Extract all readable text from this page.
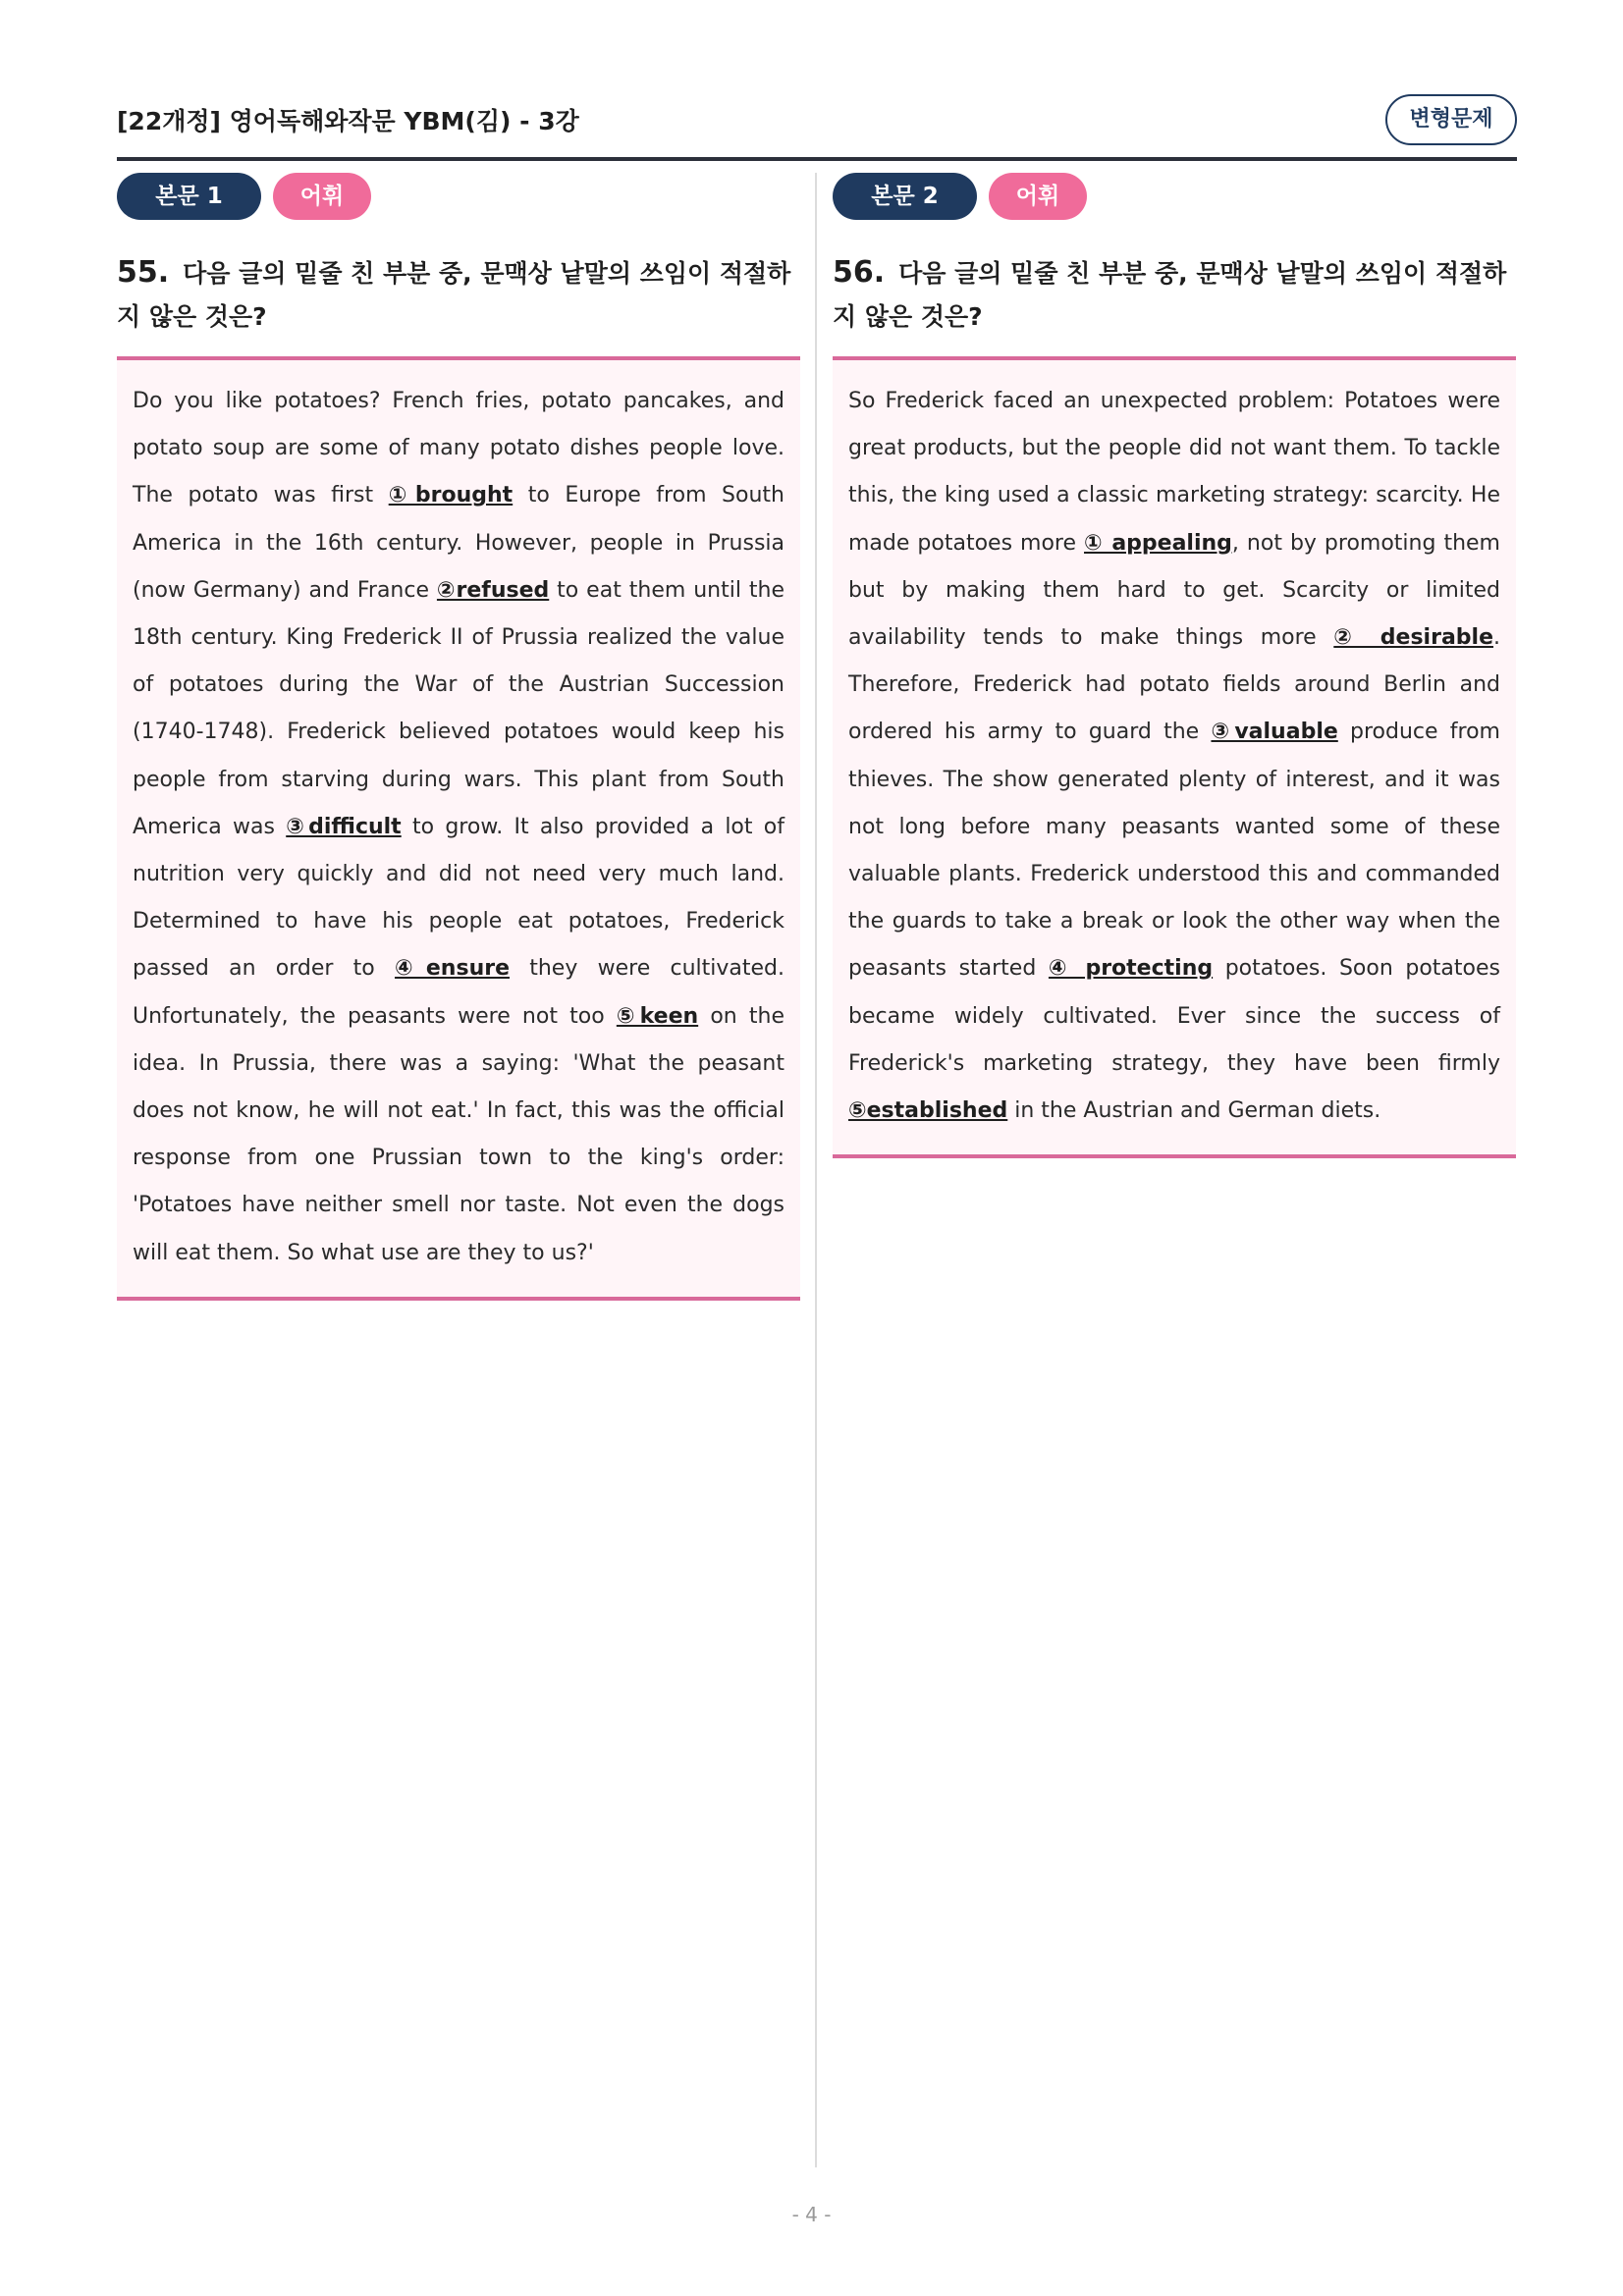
[22개정] 영어독해와작문 YBM(김) - 3강	변형문제
본문 1	어휘
55. 다음 글의 밑줄 친 부분 중, 문맥상 낱말의 쓰임이 적절하지 않은 것은?
Do you like potatoes? French fries, potato pancakes, and potato soup are some of many potato dishes people love. The potato was first ①brought to Europe from South America in the 16th century. However, people in Prussia (now Germany) and France ②refused to eat them until the 18th century. King Frederick II of Prussia realized the value of potatoes during the War of the Austrian Succession (1740-1748). Frederick believed potatoes would keep his people from starving during wars. This plant from South America was ③difficult to grow. It also provided a lot of nutrition very quickly and did not need very much land. Determined to have his people eat potatoes, Frederick passed an order to ④ensure they were cultivated. Unfortunately, the peasants were not too ⑤keen on the idea. In Prussia, there was a saying: 'What the peasant does not know, he will not eat.' In fact, this was the official response from one Prussian town to the king's order: 'Potatoes have neither smell nor taste. Not even the dogs will eat them. So what use are they to us?'
본문 2	어휘
56. 다음 글의 밑줄 친 부분 중, 문맥상 낱말의 쓰임이 적절하지 않은 것은?
So Frederick faced an unexpected problem: Potatoes were great products, but the people did not want them. To tackle this, the king used a classic marketing strategy: scarcity. He made potatoes more ① appealing, not by promoting them but by making them hard to get. Scarcity or limited availability tends to make things more ② desirable. Therefore, Frederick had potato fields around Berlin and ordered his army to guard the ③valuable produce from thieves. The show generated plenty of interest, and it was not long before many peasants wanted some of these valuable plants. Frederick understood this and commanded the guards to take a break or look the other way when the peasants started ④ protecting potatoes. Soon potatoes became widely cultivated. Ever since the success of Frederick's marketing strategy, they have been firmly ⑤established in the Austrian and German diets.
- 4 -
